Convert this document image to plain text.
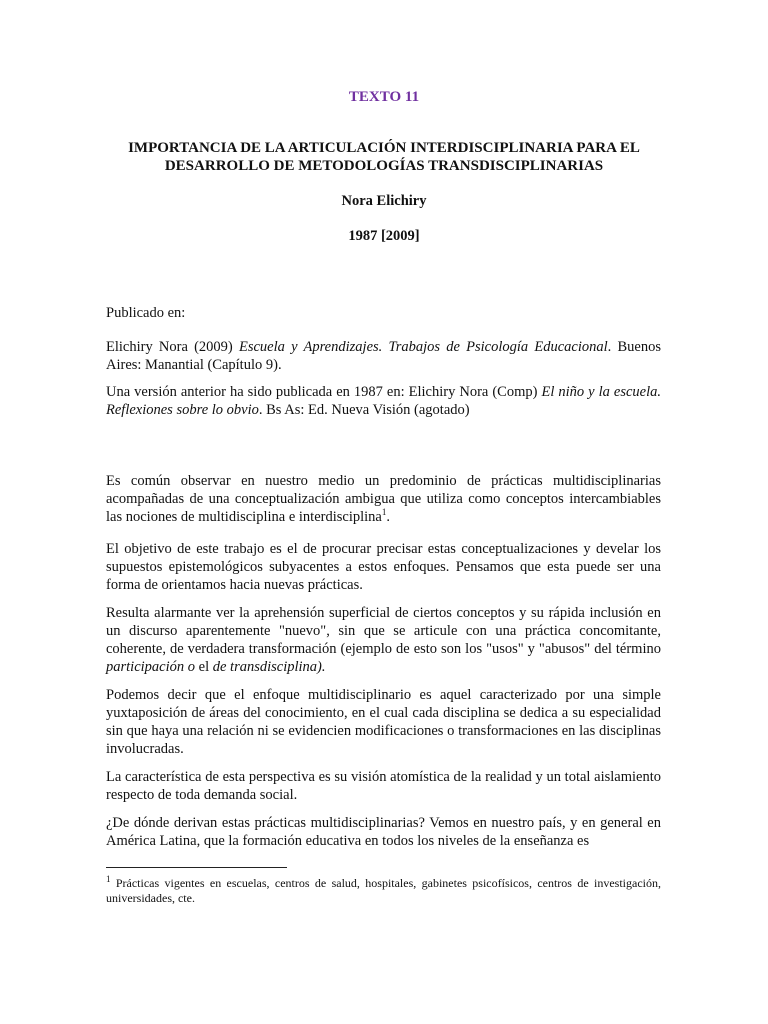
TEXTO 11
IMPORTANCIA DE LA ARTICULACIÓN INTERDISCIPLINARIA PARA EL
DESARROLLO DE METODOLOGÍAS TRANSDISCIPLINARIAS
Nora Elichiry
1987 [2009]
Publicado en:
Elichiry Nora (2009) Escuela y Aprendizajes. Trabajos de Psicología Educacional. Buenos Aires: Manantial (Capítulo 9).
Una versión anterior ha sido publicada en 1987 en: Elichiry Nora (Comp) El niño y la escuela. Reflexiones sobre lo obvio. Bs As: Ed. Nueva Visión (agotado)
Es común observar en nuestro medio un predominio de prácticas multidisciplinarias acompañadas de una conceptualización ambigua que utiliza como conceptos intercambiables las nociones de multidisciplina e interdisciplina$^1$.
El objetivo de este trabajo es el de procurar precisar estas conceptualizaciones y develar los supuestos epistemológicos subyacentes a estos enfoques. Pensamos que esta puede ser una forma de orientamos hacia nuevas prácticas.
Resulta alarmante ver la aprehensión superficial de ciertos conceptos y su rápida inclusión en un discurso aparentemente "nuevo", sin que se articule con una práctica concomitante, coherente, de verdadera transformación (ejemplo de esto son los "usos" y "abusos" del término participación o el de transdisciplina).
Podemos decir que el enfoque multidisciplinario es aquel caracterizado por una simple yuxtaposición de áreas del conocimiento, en el cual cada disciplina se dedica a su especialidad sin que haya una relación ni se evidencien modificaciones o transformaciones en las disciplinas involucradas.
La característica de esta perspectiva es su visión atomística de la realidad y un total aislamiento respecto de toda demanda social.
¿De dónde derivan estas prácticas multidisciplinarias? Vemos en nuestro país, y en general en América Latina, que la formación educativa en todos los niveles de la enseñanza es
$^1$ Prácticas vigentes en escuelas, centros de salud, hospitales, gabinetes psicofísicos, centros de investigación, universidades, cte.
